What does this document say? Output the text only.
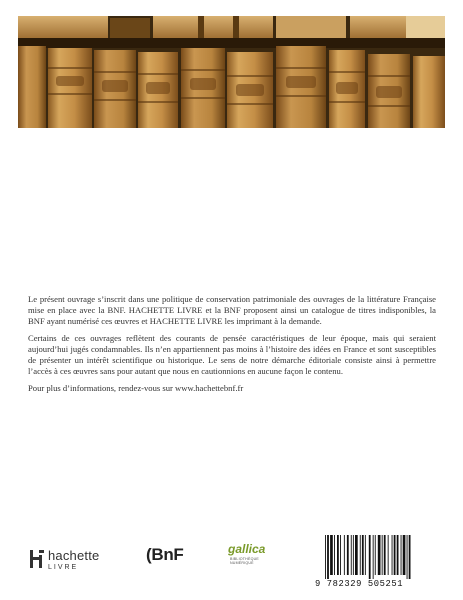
Le présent ouvrage s’inscrit dans une politique de conservation patrimoniale des ouvrages de la littérature Française mise en place avec la BNF. HACHETTE LIVRE et la BNF proposent ainsi un catalogue de titres indisponibles, la BNF ayant numérisé ces œuvres et HACHETTE LIVRE les imprimant à la demande.

Certains de ces ouvrages reflètent des courants de pensée caractéristiques de leur époque, mais qui seraient aujourd’hui jugés condamnables. Ils n’en appartiennent pas moins à l’histoire des idées en France et sont susceptibles de présenter un intérêt scientifique ou historique. Le sens de notre démarche éditoriale consiste ainsi à permettre l’accès à ces œuvres sans pour autant que nous en cautionnions en aucune façon le contenu.

Pour plus d’informations, rendez-vous sur www.hachettebnf.fr

hachette
LIVRE
(BnF	gallica
BIBLIOTHÈQUE
NUMÉRIQUE
9 782329 505251
